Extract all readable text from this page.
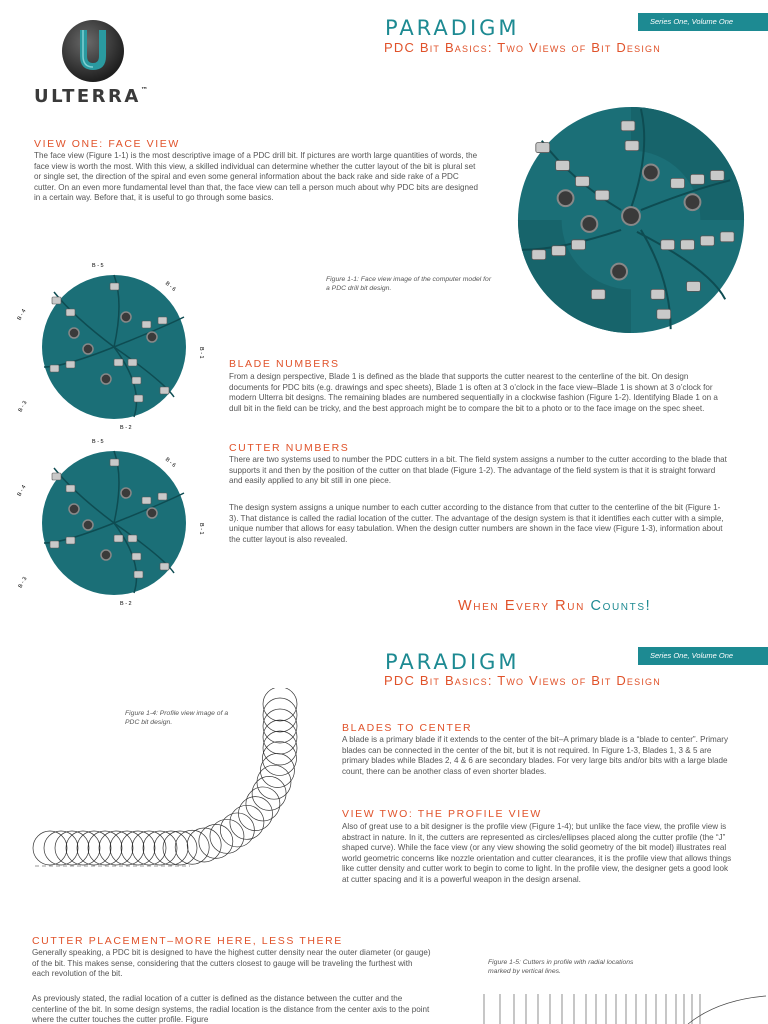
ULTERRA™
PARADIGM
PDC Bit Basics: Two Views of Bit Design
Series One, Volume One
VIEW ONE: FACE VIEW
The face view (Figure 1-1) is the most descriptive image of a PDC drill bit. If pictures are worth large quantities of words, the face view is worth the most. With this view, a skilled individual can determine whether the cutter layout of the bit is plural set or single set, the direction of the spiral and even some general information about the back rake and side rake of a PDC cutter. On an even more fundamental level than that, the face view can tell a person much about why PDC bits are designed in a certain way. Before that, it is useful to go through some basics.
Figure 1-1: Face view image of the computer model for a PDC drill bit design.
B - 5
B - 4
B - 6
B - 1
B - 3
B - 2
BLADE NUMBERS
From a design perspective, Blade 1 is defined as the blade that supports the cutter nearest to the centerline of the bit. On design documents for PDC bits (e.g. drawings and spec sheets), Blade 1 is often at 3 o’clock in the face view–Blade 1 is shown at 3 o’clock for modern Ulterra bit designs. The remaining blades are numbered sequentially in a clockwise fashion (Figure 1-2). Identifying Blade 1 on a dull bit in the field can be tricky, and the best approach might be to compare the bit to a photo or to the face image on the spec sheet.
B - 5
B - 4
B - 6
B - 1
B - 3
B - 2
CUTTER NUMBERS
There are two systems used to number the PDC cutters in a bit. The field system assigns a number to the cutter according to the blade that supports it and then by the position of the cutter on that blade (Figure 1-2). The advantage of the field system is that it is straight forward and easily applied to any bit still in one piece.
The design system assigns a unique number to each cutter according to the distance from that cutter to the centerline of the bit (Figure 1-3). That distance is called the radial location of the cutter. The advantage of the design system is that it identifies each cutter with a simple, unique number that allows for easy tabulation. When the design cutter numbers are shown in the face view (Figure 1-3), information about the cutter layout is also revealed.
When Every Run Counts!
PARADIGM
PDC Bit Basics: Two Views of Bit Design
Series One, Volume One
Figure 1-4: Profile view image of a PDC bit design.	BLADES TO CENTER
A blade is a primary blade if it extends to the center of the bit–A primary blade is a “blade to center”. Primary blades can be connected in the center of the bit, but it is not required. In Figure 1-3, Blades 1, 3 & 5 are primary blades while Blades 2, 4 & 6 are secondary blades. For very large bits and/or bits with a large blade count, there can be another class of even shorter blades.
VIEW TWO: THE PROFILE VIEW
Also of great use to a bit designer is the profile view (Figure 1-4); but unlike the face view, the profile view is abstract in nature. In it, the cutters are represented as circles/ellipses placed along the cutter profile (the “J” shaped curve). While the face view (or any view showing the solid geometry of the bit model) illustrates real world geometric concerns like nozzle orientation and cutter clearances, it is the profile view that allows things like cutter density and cutter work to begin to come to light. In the profile view, the designer gets a good look at cutter spacing and it is a powerful weapon in the design arsenal.
CUTTER PLACEMENT–MORE HERE, LESS THERE
Generally speaking, a PDC bit is designed to have the highest cutter density near the outer diameter (or gauge) of the bit. This makes sense, considering that the cutters closest to gauge will be traveling the furthest with each revolution of the bit.
As previously stated, the radial location of a cutter is defined as the distance between the cutter and the centerline of the bit. In some design systems, the radial location is the distance from the center axis to the point where the cutter touches the cutter profile. Figure
Figure 1-5: Cutters in profile with radial locations marked by vertical lines.
